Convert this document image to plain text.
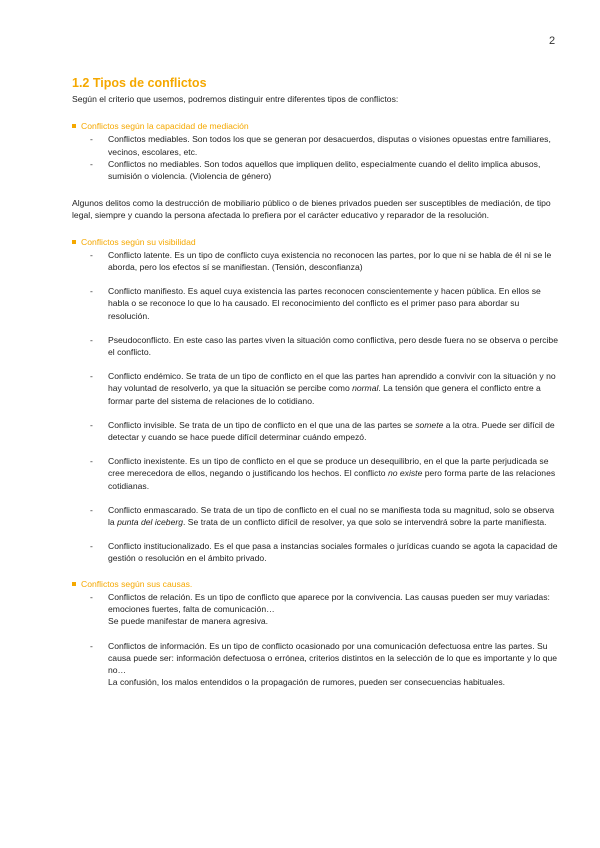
2
1.2 Tipos de conflictos

Según el criterio que usemos, podremos distinguir entre diferentes tipos de conflictos:

Conflictos según la capacidad de mediación
- Conflictos mediables. Son todos los que se generan por desacuerdos, disputas o visiones opuestas entre familiares, vecinos, escolares, etc.
- Conflictos no mediables. Son todos aquellos que impliquen delito, especialmente cuando el delito implica abusos, sumisión o violencia. (Violencia de género)

Algunos delitos como la destrucción de mobiliario público o de bienes privados pueden ser susceptibles de mediación, de tipo legal, siempre y cuando la persona afectada lo prefiera por el carácter educativo y reparador de la resolución.

Conflictos según su visibilidad
- Conflicto latente. Es un tipo de conflicto cuya existencia no reconocen las partes, por lo que ni se habla de él ni se le aborda, pero los efectos sí se manifiestan. (Tensión, desconfianza)
- Conflicto manifiesto. Es aquel cuya existencia las partes reconocen conscientemente y hacen pública. En ellos se habla o se reconoce lo que lo ha causado. El reconocimiento del conflicto es el primer paso para abordar su resolución.
- Pseudoconflicto. En este caso las partes viven la situación como conflictiva, pero desde fuera no se observa o percibe el conflicto.
- Conflicto endémico. Se trata de un tipo de conflicto en el que las partes han aprendido a convivir con la situación y no hay voluntad de resolverlo, ya que la situación se percibe como normal. La tensión que genera el conflicto entre a formar parte del sistema de relaciones de lo cotidiano.
- Conflicto invisible. Se trata de un tipo de conflicto en el que una de las partes se somete a la otra. Puede ser difícil de detectar y cuando se hace puede difícil determinar cuándo empezó.
- Conflicto inexistente. Es un tipo de conflicto en el que se produce un desequilibrio, en el que la parte perjudicada se cree merecedora de ellos, negando o justificando los hechos. El conflicto no existe pero forma parte de las relaciones cotidianas.
- Conflicto enmascarado. Se trata de un tipo de conflicto en el cual no se manifiesta toda su magnitud, solo se observa la punta del iceberg. Se trata de un conflicto difícil de resolver, ya que solo se intervendrá sobre la parte manifiesta.
- Conflicto institucionalizado. Es el que pasa a instancias sociales formales o jurídicas cuando se agota la capacidad de gestión o resolución en el ámbito privado.
Conflictos según sus causas.
- Conflictos de relación. Es un tipo de conflicto que aparece por la convivencia. Las causas pueden ser muy variadas: emociones fuertes, falta de comunicación…
Se puede manifestar de manera agresiva.
- Conflictos de información. Es un tipo de conflicto ocasionado por una comunicación defectuosa entre las partes. Su causa puede ser: información defectuosa o errónea, criterios distintos en la selección de lo que es importante y lo que no…
La confusión, los malos entendidos o la propagación de rumores, pueden ser consecuencias habituales.
